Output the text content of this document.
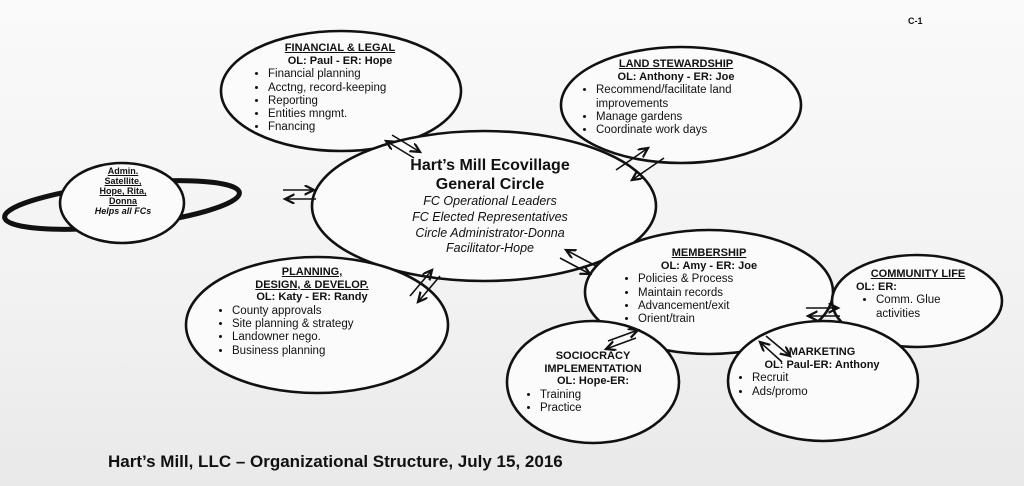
C-1
FINANCIAL & LEGAL
OL: Paul - ER: Hope
• Financial planning
• Acctng, record-keeping
• Reporting
• Entities mngmt.
• Fnancing
LAND STEWARDSHIP
OL: Anthony - ER: Joe
• Recommend/facilitate land improvements
• Manage gardens
• Coordinate work days
Admin.
Satellite,
Hope, Rita,
Donna
Helps all FCs
Hart’s Mill Ecovillage
General Circle
FC Operational Leaders
FC Elected Representatives
Circle Administrator-Donna
Facilitator-Hope
PLANNING,
DESIGN, & DEVELOP.
OL: Katy - ER: Randy
• County approvals
• Site planning & strategy
• Landowner nego.
• Business planning
MEMBERSHIP
OL: Amy - ER: Joe
• Policies & Process
• Maintain records
• Advancement/exit
• Orient/train
COMMUNITY LIFE
OL: ER:
• Comm. Glue activities
SOCIOCRACY
IMPLEMENTATION
OL: Hope-ER:
• Training
• Practice
MARKETING
OL: Paul-ER: Anthony
• Recruit
• Ads/promo
Hart’s Mill, LLC – Organizational Structure, July 15, 2016
